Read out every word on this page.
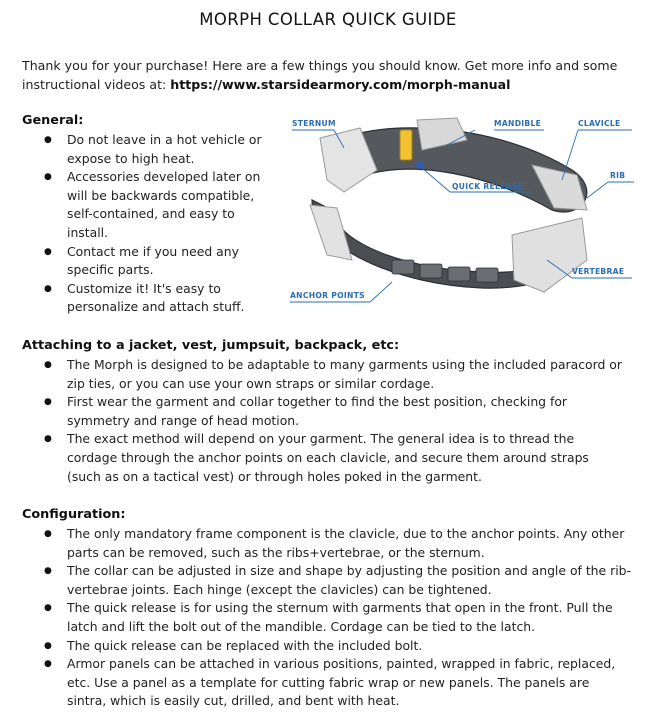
MORPH COLLAR QUICK GUIDE
Thank you for your purchase! Here are a few things you should know. Get more info and some instructional videos at: https://www.starsidearmory.com/morph-manual
General:
● Do not leave in a hot vehicle or expose to high heat.
● Accessories developed later on will be backwards compatible, self-contained, and easy to install.
● Contact me if you need any specific parts.
● Customize it! It's easy to personalize and attach stuff.
STERNUM	MANDIBLE	CLAVICLE
RIB
QUICK RELEASE
VERTEBRAE
ANCHOR POINTS
Attaching to a jacket, vest, jumpsuit, backpack, etc:
● The Morph is designed to be adaptable to many garments using the included paracord or zip ties, or you can use your own straps or similar cordage.
● First wear the garment and collar together to find the best position, checking for symmetry and range of head motion.
● The exact method will depend on your garment. The general idea is to thread the cordage through the anchor points on each clavicle, and secure them around straps (such as on a tactical vest) or through holes poked in the garment.
Configuration:
● The only mandatory frame component is the clavicle, due to the anchor points. Any other parts can be removed, such as the ribs+vertebrae, or the sternum.
● The collar can be adjusted in size and shape by adjusting the position and angle of the rib-vertebrae joints. Each hinge (except the clavicles) can be tightened.
● The quick release is for using the sternum with garments that open in the front. Pull the latch and lift the bolt out of the mandible. Cordage can be tied to the latch.
● The quick release can be replaced with the included bolt.
● Armor panels can be attached in various positions, painted, wrapped in fabric, replaced, etc. Use a panel as a template for cutting fabric wrap or new panels. The panels are sintra, which is easily cut, drilled, and bent with heat.
